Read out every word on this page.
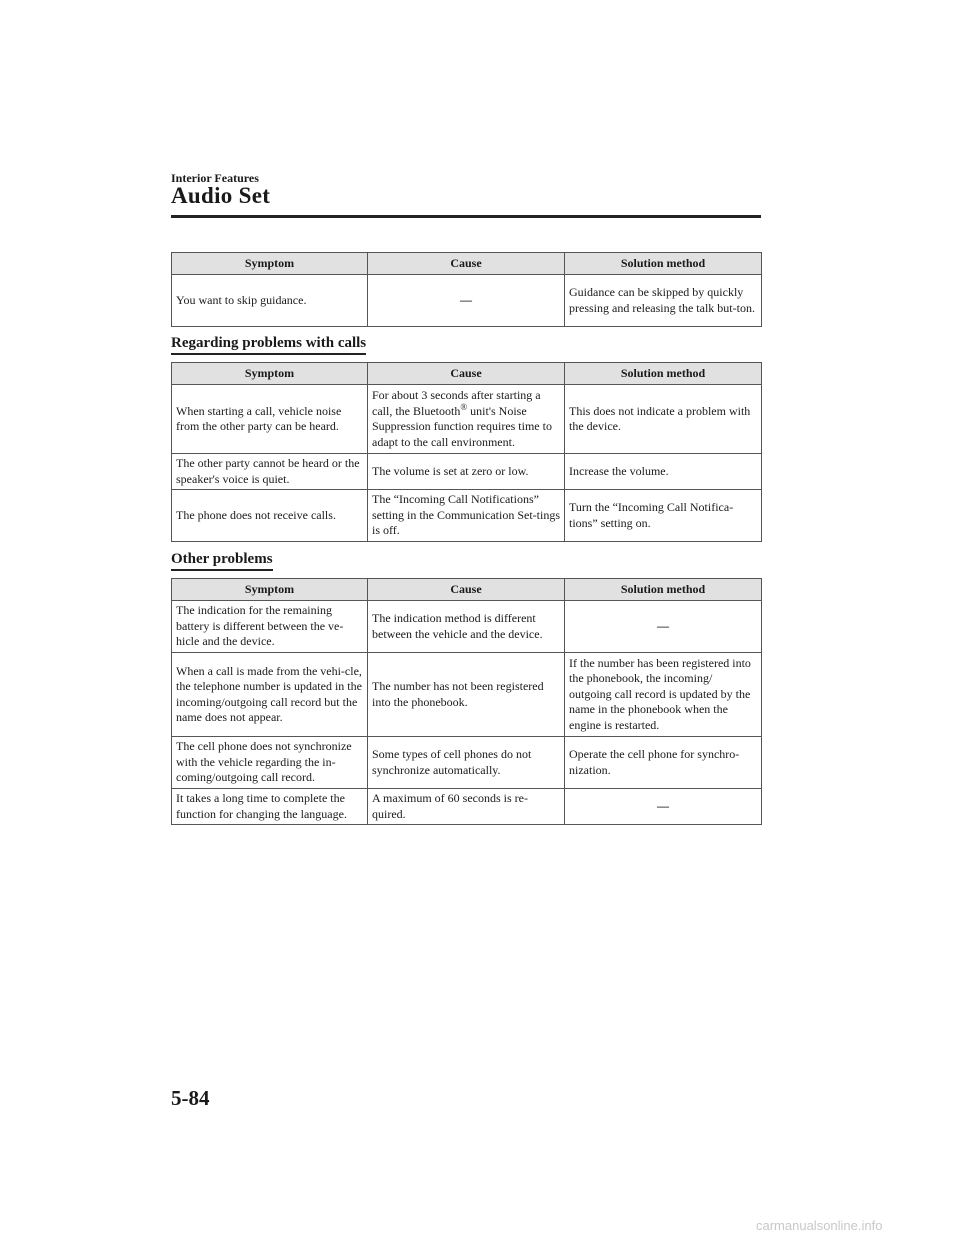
Interior Features
Audio Set
Symptom	Cause	Solution method
You want to skip guidance.	—	Guidance can be skipped by quickly pressing and releasing the talk but-ton.
Regarding problems with calls
Symptom	Cause	Solution method
When starting a call, vehicle noise from the other party can be heard.	For about 3 seconds after starting a call, the Bluetooth® unit's Noise Suppression function requires time to adapt to the call environment.	This does not indicate a problem with the device.
The other party cannot be heard or the speaker's voice is quiet.	The volume is set at zero or low.	Increase the volume.
The phone does not receive calls.	The “Incoming Call Notifications” setting in the Communication Set-tings is off.	Turn the “Incoming Call Notifica-tions” setting on.
Other problems
Symptom	Cause	Solution method
The indication for the remaining battery is different between the ve-hicle and the device.	The indication method is different between the vehicle and the device.	—
When a call is made from the vehi-cle, the telephone number is updated in the incoming/outgoing call record but the name does not appear.	The number has not been registered into the phonebook.	If the number has been registered into the phonebook, the incoming/ outgoing call record is updated by the name in the phonebook when the engine is restarted.
The cell phone does not synchronize with the vehicle regarding the in-coming/outgoing call record.	Some types of cell phones do not synchronize automatically.	Operate the cell phone for synchro-nization.
It takes a long time to complete the function for changing the language.	A maximum of 60 seconds is re-quired.	—
5-84
carmanualsonline.info
